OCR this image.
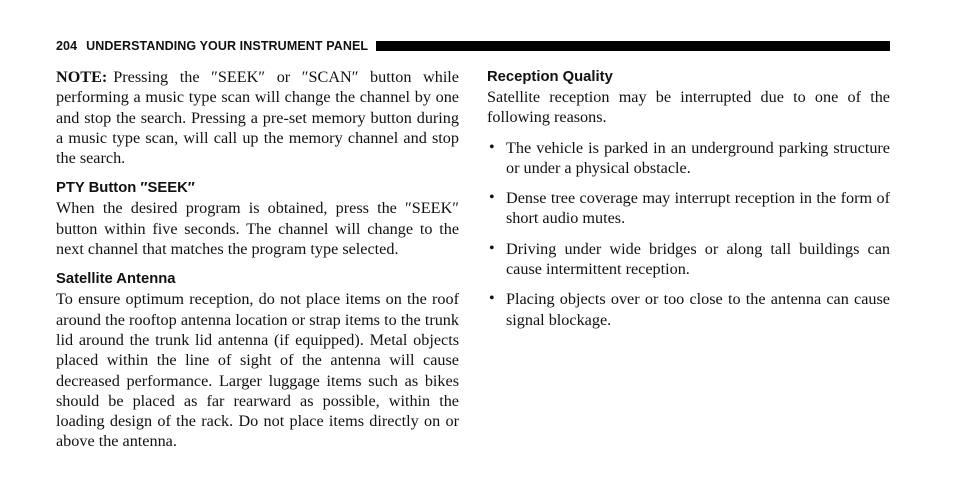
204 UNDERSTANDING YOUR INSTRUMENT PANEL

NOTE: Pressing the ″SEEK″ or ″SCAN″ button while performing a music type scan will change the channel by one and stop the search. Pressing a pre-set memory button during a music type scan, will call up the memory channel and stop the search.

PTY Button ″SEEK″

When the desired program is obtained, press the ″SEEK″ button within five seconds. The channel will change to the next channel that matches the program type selected.

Satellite Antenna

To ensure optimum reception, do not place items on the roof around the rooftop antenna location or strap items to the trunk lid around the trunk lid antenna (if equipped). Metal objects placed within the line of sight of the antenna will cause decreased performance. Larger luggage items such as bikes should be placed as far rearward as possible, within the loading design of the rack. Do not place items directly on or above the antenna.

Reception Quality

Satellite reception may be interrupted due to one of the following reasons.

• The vehicle is parked in an underground parking structure or under a physical obstacle.

• Dense tree coverage may interrupt reception in the form of short audio mutes.

• Driving under wide bridges or along tall buildings can cause intermittent reception.

• Placing objects over or too close to the antenna can cause signal blockage.
